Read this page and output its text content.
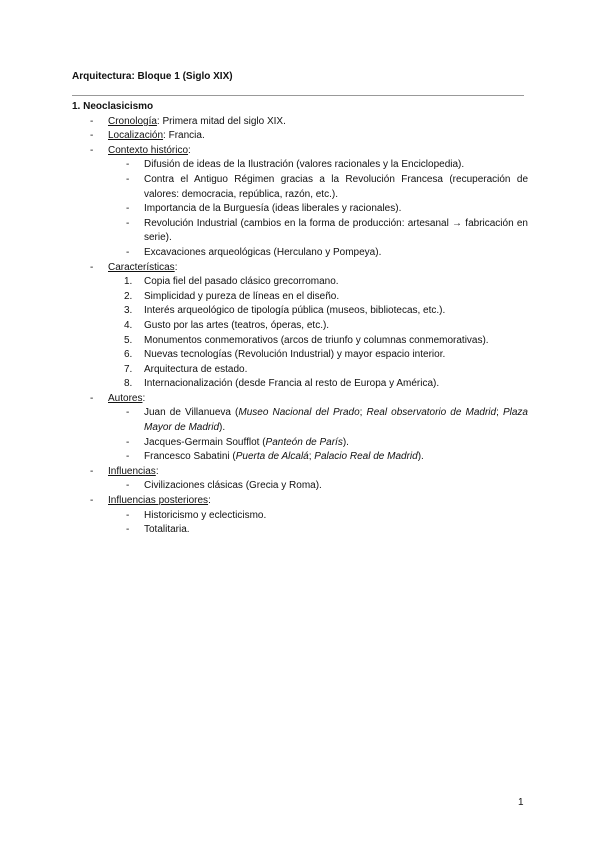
Arquitectura: Bloque 1 (Siglo XIX)

1. Neoclasicismo

- Cronología: Primera mitad del siglo XIX.
- Localización: Francia.
- Contexto histórico:
- Difusión de ideas de la Ilustración (valores racionales y la Enciclopedia).
- Contra el Antiguo Régimen gracias a la Revolución Francesa (recuperación de valores: democracia, república, razón, etc.).
- Importancia de la Burguesía (ideas liberales y racionales).
- Revolución Industrial (cambios en la forma de producción: artesanal → fabricación en serie).
- Excavaciones arqueológicas (Herculano y Pompeya).
- Características:
1. Copia fiel del pasado clásico grecorromano.
2. Simplicidad y pureza de líneas en el diseño.
3. Interés arqueológico de tipología pública (museos, bibliotecas, etc.).
4. Gusto por las artes (teatros, óperas, etc.).
5. Monumentos conmemorativos (arcos de triunfo y columnas conmemorativas).
6. Nuevas tecnologías (Revolución Industrial) y mayor espacio interior.
7. Arquitectura de estado.
8. Internacionalización (desde Francia al resto de Europa y América).
- Autores:
- Juan de Villanueva (Museo Nacional del Prado; Real observatorio de Madrid; Plaza Mayor de Madrid).
- Jacques-Germain Soufflot (Panteón de París).
- Francesco Sabatini (Puerta de Alcalá; Palacio Real de Madrid).
- Influencias:
- Civilizaciones clásicas (Grecia y Roma).
- Influencias posteriores:
- Historicismo y eclecticismo.
- Totalitaria.
1
